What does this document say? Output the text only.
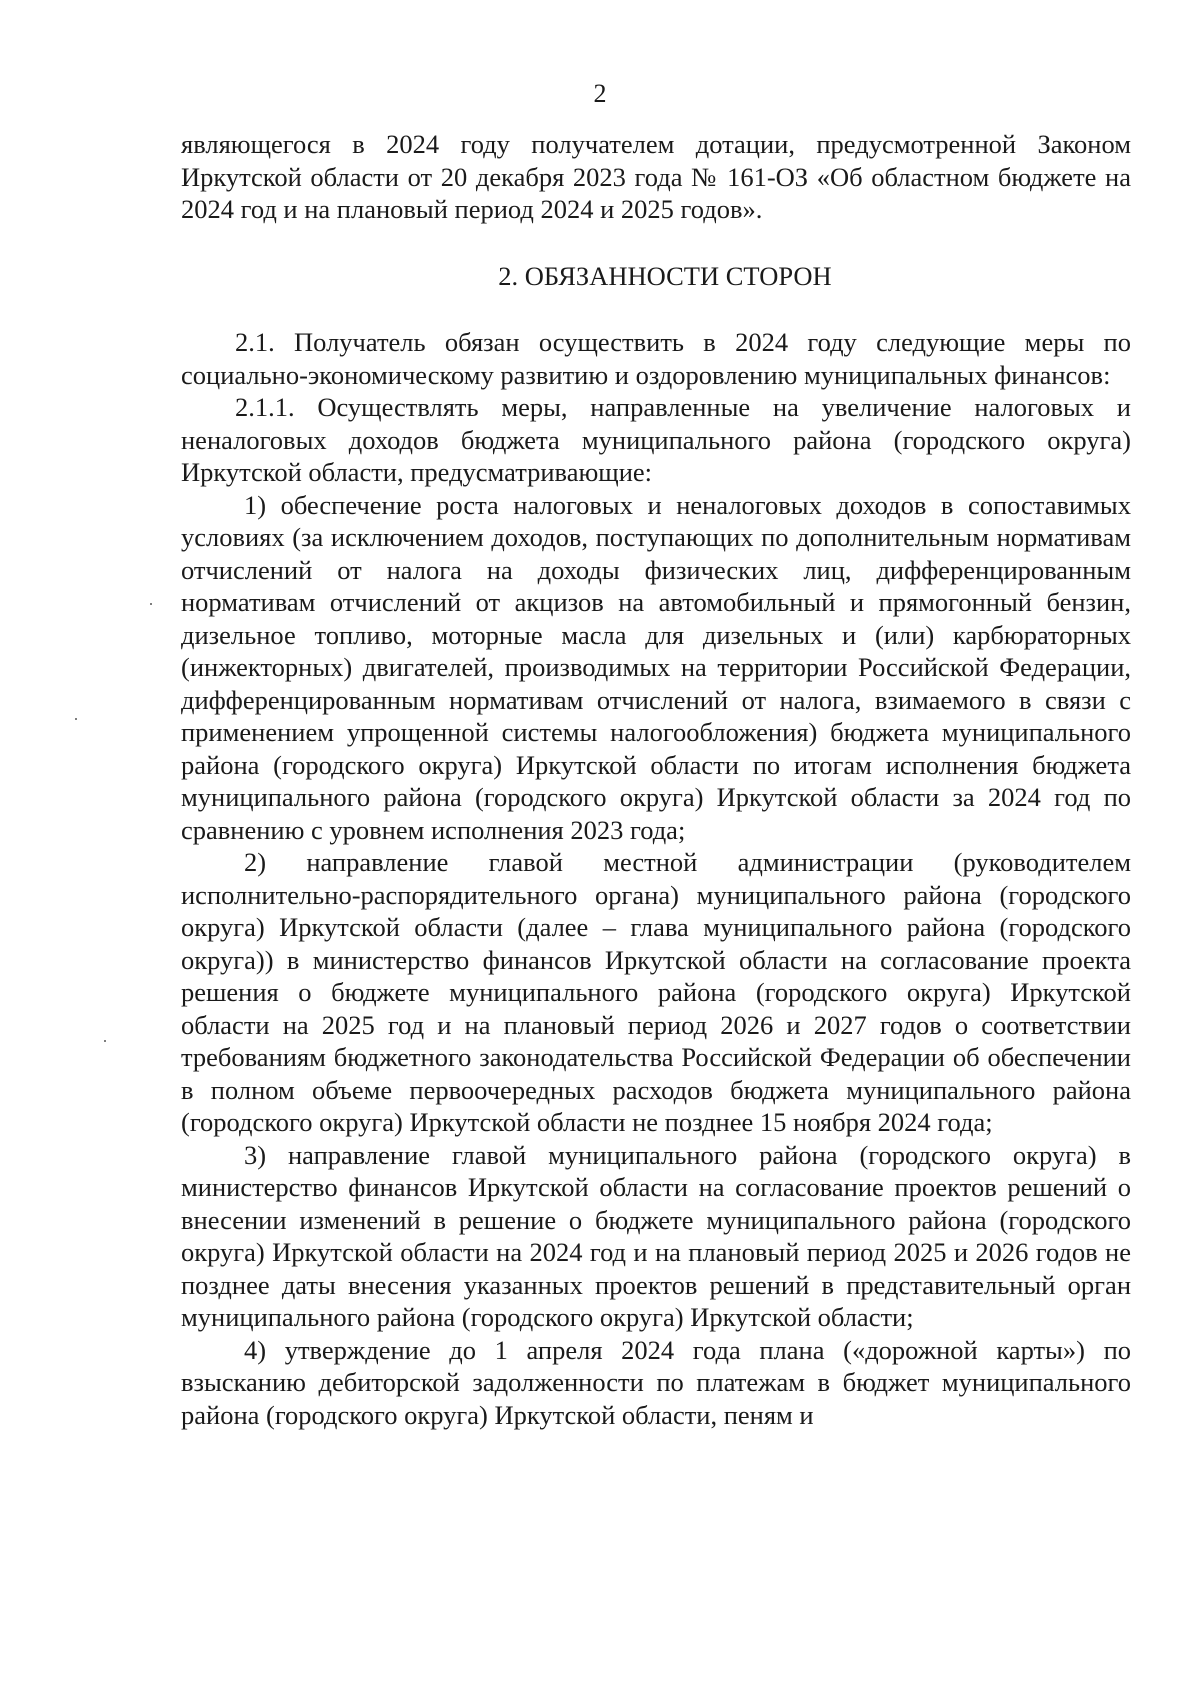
2

являющегося в 2024 году получателем дотации, предусмотренной Законом Иркутской области от 20 декабря 2023 года № 161-ОЗ «Об областном бюджете на 2024 год и на плановый период 2024 и 2025 годов».

2. ОБЯЗАННОСТИ СТОРОН

2.1. Получатель обязан осуществить в 2024 году следующие меры по социально-экономическому развитию и оздоровлению муниципальных финансов:

2.1.1. Осуществлять меры, направленные на увеличение налоговых и неналоговых доходов бюджета муниципального района (городского округа) Иркутской области, предусматривающие:

1) обеспечение роста налоговых и неналоговых доходов в сопоставимых условиях (за исключением доходов, поступающих по дополнительным нормативам отчислений от налога на доходы физических лиц, дифференцированным нормативам отчислений от акцизов на автомобильный и прямогонный бензин, дизельное топливо, моторные масла для дизельных и (или) карбюраторных (инжекторных) двигателей, производимых на территории Российской Федерации, дифференцированным нормативам отчислений от налога, взимаемого в связи с применением упрощенной системы налогообложения) бюджета муниципального района (городского округа) Иркутской области по итогам исполнения бюджета муниципального района (городского округа) Иркутской области за 2024 год по сравнению с уровнем исполнения 2023 года;

2) направление главой местной администрации (руководителем исполнительно-распорядительного органа) муниципального района (городского округа) Иркутской области (далее – глава муниципального района (городского округа)) в министерство финансов Иркутской области на согласование проекта решения о бюджете муниципального района (городского округа) Иркутской области на 2025 год и на плановый период 2026 и 2027 годов о соответствии требованиям бюджетного законодательства Российской Федерации об обеспечении в полном объеме первоочередных расходов бюджета муниципального района (городского округа) Иркутской области не позднее 15 ноября 2024 года;

3) направление главой муниципального района (городского округа) в министерство финансов Иркутской области на согласование проектов решений о внесении изменений в решение о бюджете муниципального района (городского округа) Иркутской области на 2024 год и на плановый период 2025 и 2026 годов не позднее даты внесения указанных проектов решений в представительный орган муниципального района (городского округа) Иркутской области;

4) утверждение до 1 апреля 2024 года плана («дорожной карты») по взысканию дебиторской задолженности по платежам в бюджет муниципального района (городского округа) Иркутской области, пеням и
